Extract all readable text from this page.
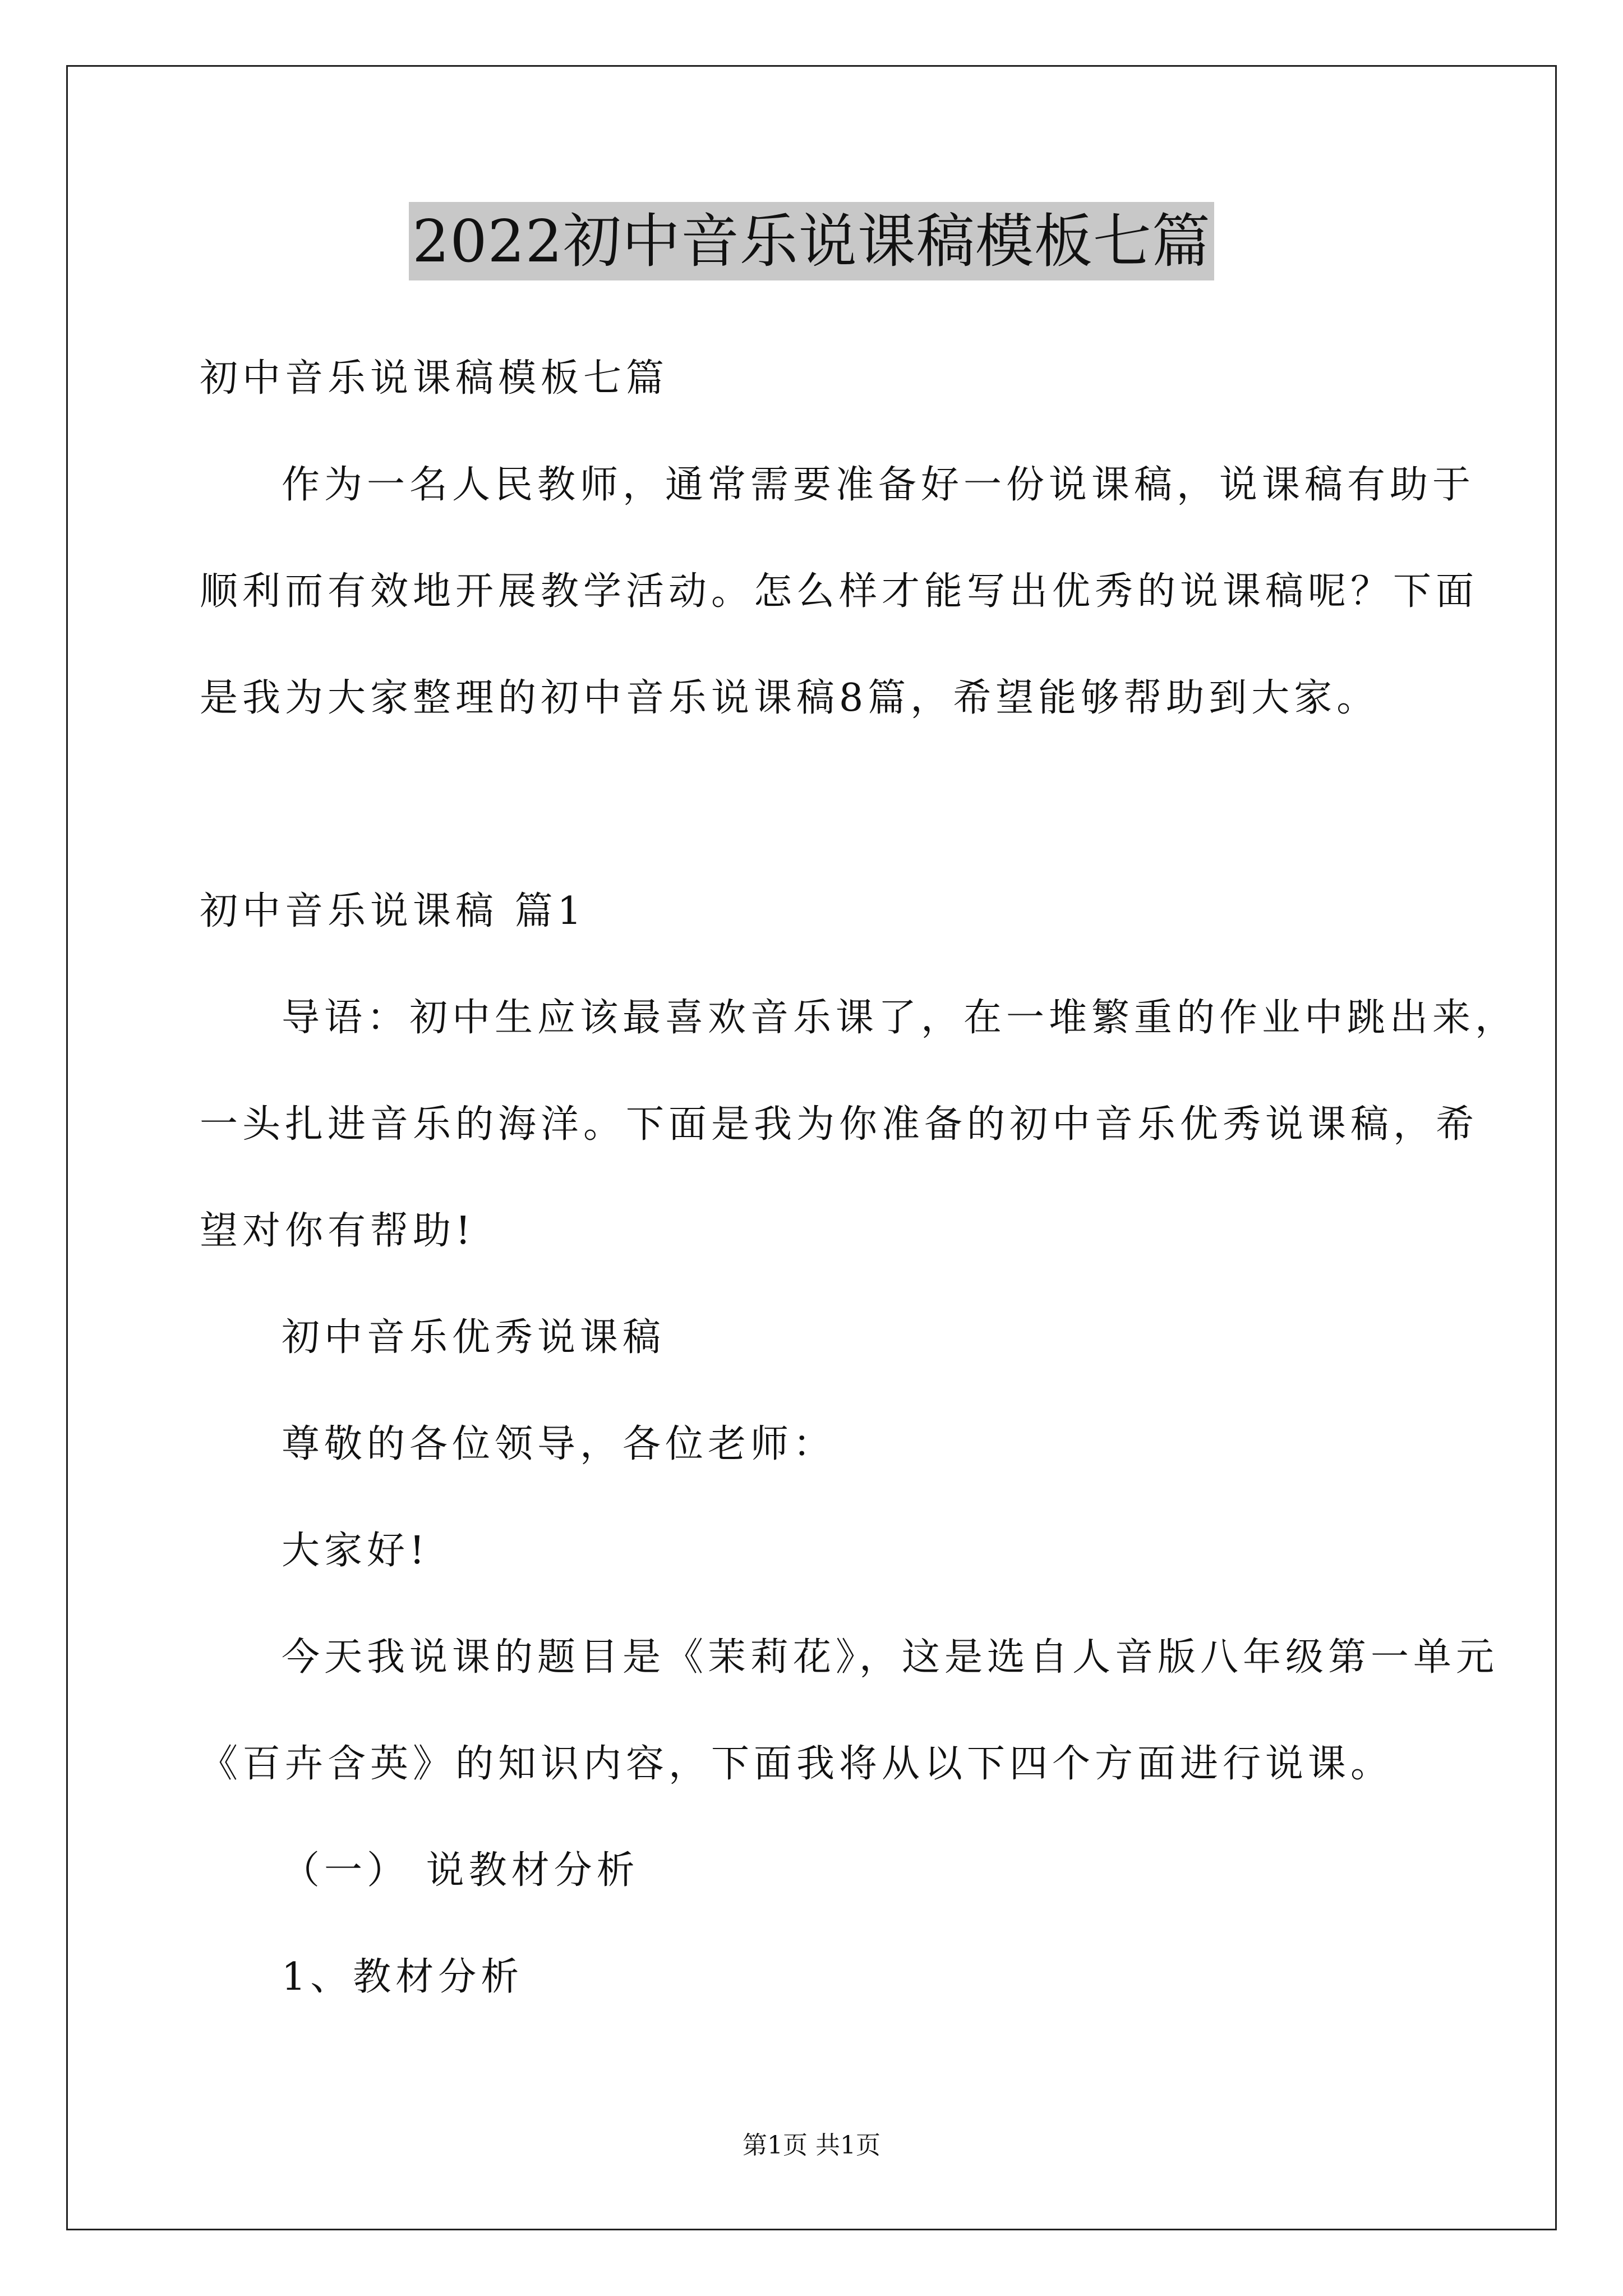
2022初中音乐说课稿模板七篇
初中音乐说课稿模板七篇
作为一名人民教师，通常需要准备好一份说课稿，说课稿有助于
顺利而有效地开展教学活动。怎么样才能写出优秀的说课稿呢？下面
是我为大家整理的初中音乐说课稿8篇，希望能够帮助到大家。
初中音乐说课稿 篇1
导语：初中生应该最喜欢音乐课了，在一堆繁重的作业中跳出来，
一头扎进音乐的海洋。下面是我为你准备的初中音乐优秀说课稿，希
望对你有帮助!
初中音乐优秀说课稿
尊敬的各位领导，各位老师：
大家好!
今天我说课的题目是《茉莉花》，这是选自人音版八年级第一单元
《百卉含英》的知识内容，下面我将从以下四个方面进行说课。
（一） 说教材分析
1、教材分析
第1页 共1页
